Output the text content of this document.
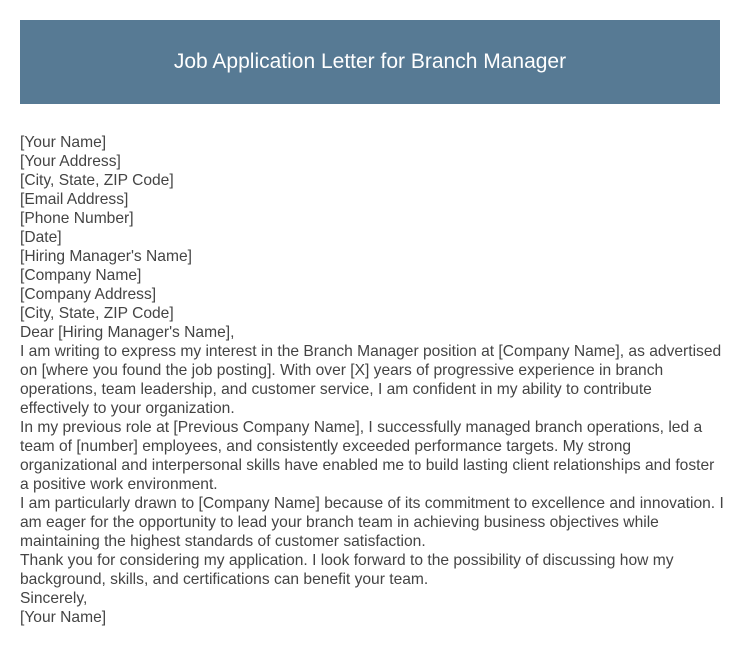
Job Application Letter for Branch Manager

[Your Name]

[Your Address]

[City, State, ZIP Code]

[Email Address]

[Phone Number]

[Date]

[Hiring Manager's Name]

[Company Name]

[Company Address]

[City, State, ZIP Code]

Dear [Hiring Manager's Name],

I am writing to express my interest in the Branch Manager position at [Company Name], as advertised on [where you found the job posting]. With over [X] years of progressive experience in branch operations, team leadership, and customer service, I am confident in my ability to contribute effectively to your organization.

In my previous role at [Previous Company Name], I successfully managed branch operations, led a team of [number] employees, and consistently exceeded performance targets. My strong organizational and interpersonal skills have enabled me to build lasting client relationships and foster a positive work environment.

I am particularly drawn to [Company Name] because of its commitment to excellence and innovation. I am eager for the opportunity to lead your branch team in achieving business objectives while maintaining the highest standards of customer satisfaction.

Thank you for considering my application. I look forward to the possibility of discussing how my background, skills, and certifications can benefit your team.

Sincerely,

[Your Name]
